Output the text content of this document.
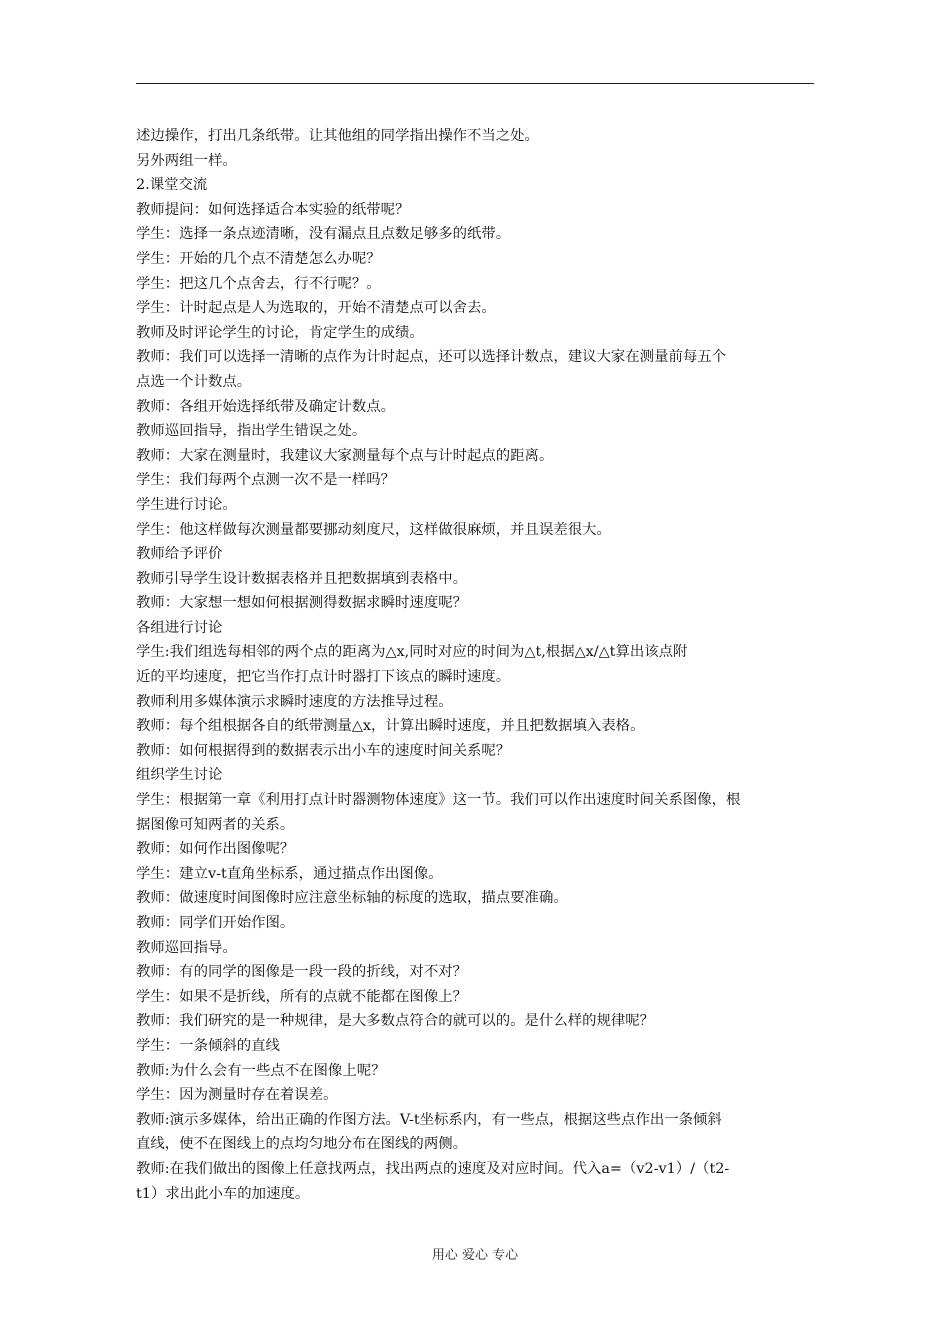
述边操作，打出几条纸带。让其他组的同学指出操作不当之处。
另外两组一样。
2.课堂交流
教师提问：如何选择适合本实验的纸带呢？
学生：选择一条点迹清晰，没有漏点且点数足够多的纸带。
学生：开始的几个点不清楚怎么办呢？
学生：把这几个点舍去，行不行呢？。
学生：计时起点是人为选取的，开始不清楚点可以舍去。
教师及时评论学生的讨论，肯定学生的成绩。
教师：我们可以选择一清晰的点作为计时起点，还可以选择计数点，建议大家在测量前每五个
点选一个计数点。
教师：各组开始选择纸带及确定计数点。
教师巡回指导，指出学生错误之处。
教师：大家在测量时，我建议大家测量每个点与计时起点的距离。
学生：我们每两个点测一次不是一样吗？
学生进行讨论。
学生：他这样做每次测量都要挪动刻度尺，这样做很麻烦，并且误差很大。
教师给予评价
教师引导学生设计数据表格并且把数据填到表格中。
教师：大家想一想如何根据测得数据求瞬时速度呢？
各组进行讨论
学生:我们组选每相邻的两个点的距离为△x,同时对应的时间为△t,根据△x/△t算出该点附
近的平均速度，把它当作打点计时器打下该点的瞬时速度。
教师利用多媒体演示求瞬时速度的方法推导过程。
教师：每个组根据各自的纸带测量△x，计算出瞬时速度，并且把数据填入表格。
教师：如何根据得到的数据表示出小车的速度时间关系呢？
组织学生讨论
学生：根据第一章《利用打点计时器测物体速度》这一节。我们可以作出速度时间关系图像，根
据图像可知两者的关系。
教师：如何作出图像呢？
学生：建立v-t直角坐标系，通过描点作出图像。
教师：做速度时间图像时应注意坐标轴的标度的选取，描点要准确。
教师：同学们开始作图。
教师巡回指导。
教师：有的同学的图像是一段一段的折线，对不对？
学生：如果不是折线，所有的点就不能都在图像上？
教师：我们研究的是一种规律，是大多数点符合的就可以的。是什么样的规律呢？
学生：一条倾斜的直线
教师:为什么会有一些点不在图像上呢？
学生：因为测量时存在着误差。
教师:演示多媒体，给出正确的作图方法。V-t坐标系内，有一些点，根据这些点作出一条倾斜
直线，使不在图线上的点均匀地分布在图线的两侧。
教师:在我们做出的图像上任意找两点，找出两点的速度及对应时间。代入a=（v2-v1）/（t2-
t1）求出此小车的加速度。
用心 爱心 专心
